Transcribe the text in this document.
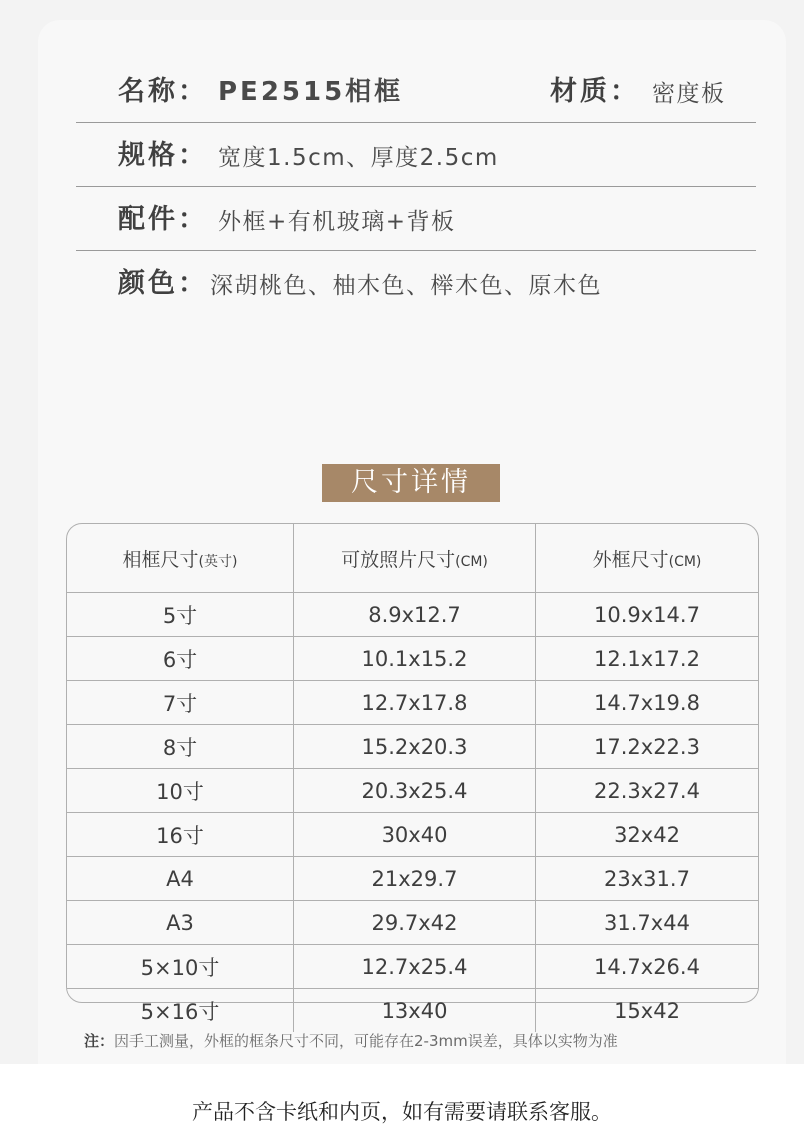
名称： PE2515相框	材质： 密度板
规格： 宽度1.5cm、厚度2.5cm
配件： 外框+有机玻璃+背板
颜色： 深胡桃色、柚木色、榉木色、原木色
尺寸详情
相框尺寸(英寸)	可放照片尺寸(CM)	外框尺寸(CM)
5寸	8.9x12.7	10.9x14.7
6寸	10.1x15.2	12.1x17.2
7寸	12.7x17.8	14.7x19.8
8寸	15.2x20.3	17.2x22.3
10寸	20.3x25.4	22.3x27.4
16寸	30x40	32x42
A4	21x29.7	23x31.7
A3	29.7x42	31.7x44
5×10寸	12.7x25.4	14.7x26.4
5×16寸	13x40	15x42
注：因手工测量，外框的框条尺寸不同，可能存在2-3mm误差，具体以实物为准
产品不含卡纸和内页，如有需要请联系客服。
